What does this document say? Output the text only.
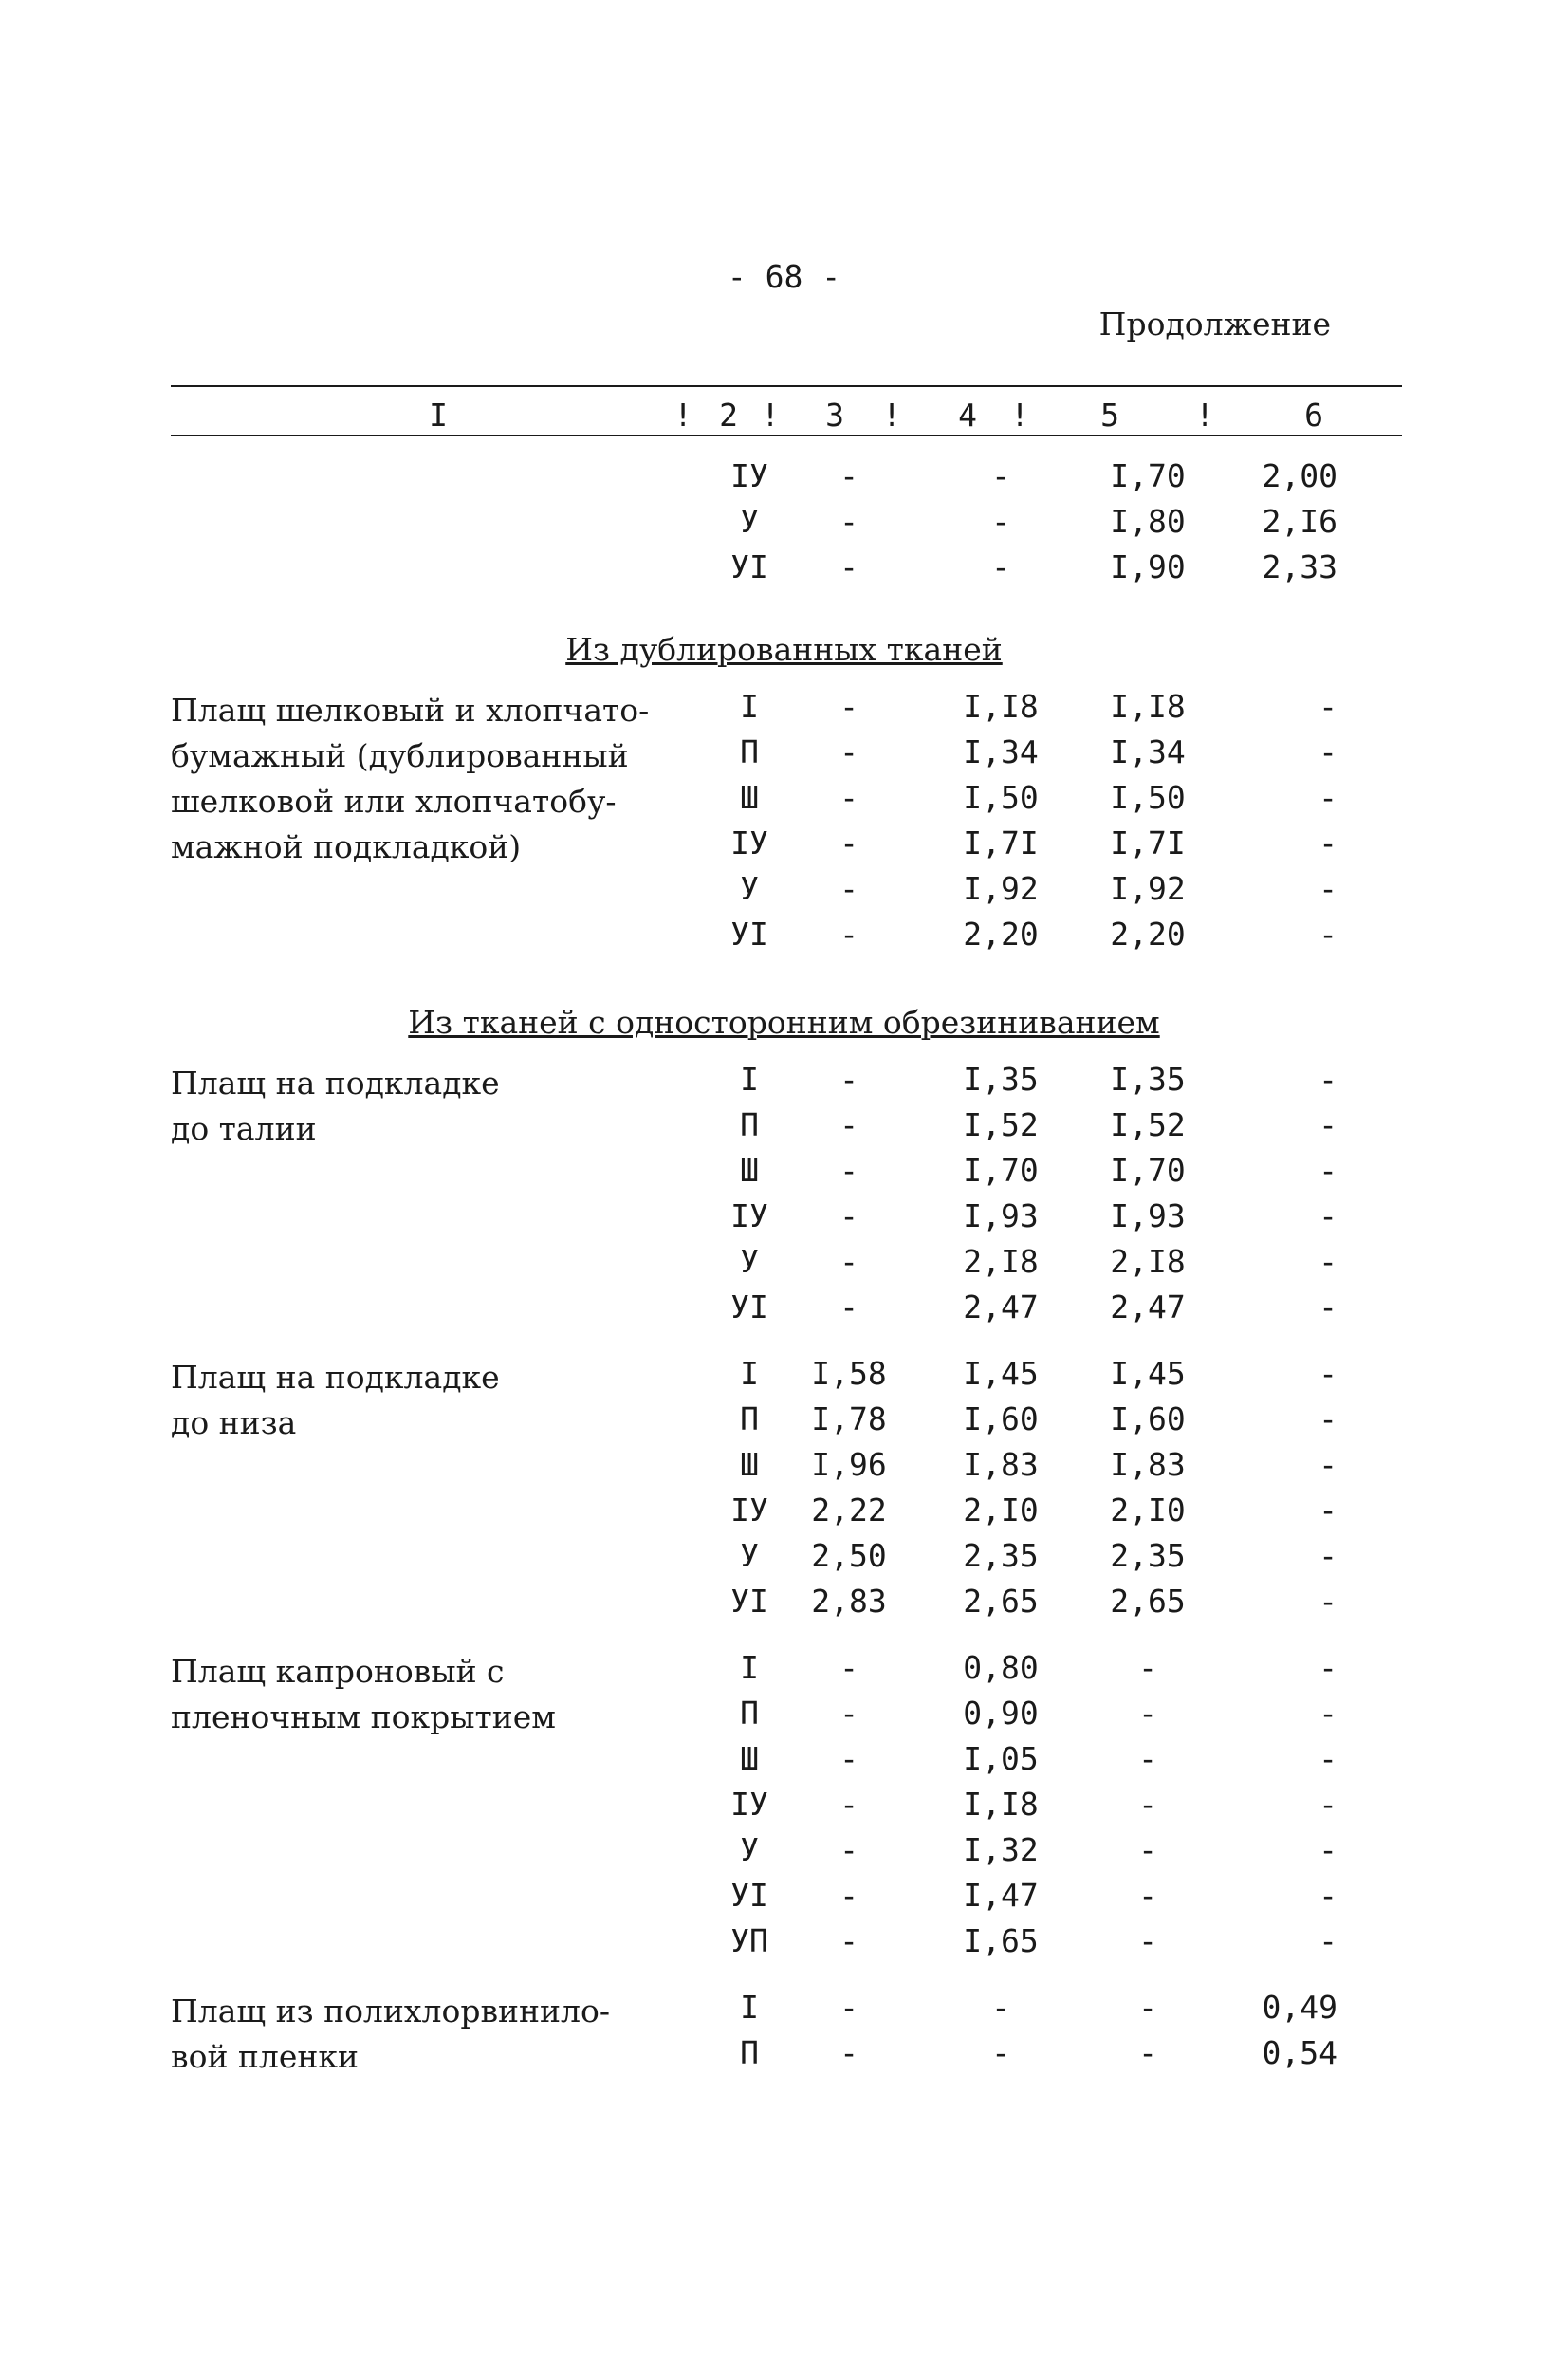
- 68 -
Продолжение
I	! 2 ! 3 ! 4 ! 5 !	6
IУ -	-	I,70 2,00
У	-	-	I,80 2,I6
УI -	-	I,90 2,33
Из дублированных тканей
Плащ шелковый и хлопчато-
бумажный (дублированный
шелковой или хлопчатобу-
мажной подкладкой)
I	-	I,I8 I,I8	-
П	-	I,34 I,34	-
Ш	-	I,50 I,50	-
IУ -	I,7I I,7I	-
У	-	I,92 I,92	-
УI -	2,20 2,20	-
Из тканей с односторонним обрезиниванием
Плащ на подкладке
до талии
I	-	I,35 I,35	-
П	-	I,52 I,52	-
Ш	-	I,70 I,70	-
IУ -	I,93 I,93	-
У	-	2,I8 2,I8	-
УI -	2,47 2,47	-
Плащ на подкладке
до низа
I I,58 I,45 I,45	-
П I,78 I,60 I,60	-
Ш I,96 I,83 I,83	-
IУ 2,22 2,I0 2,I0	-
У 2,50 2,35 2,35	-
УI 2,83 2,65 2,65	-
Плащ капроновый с
пленочным покрытием
I	-	0,80	-	-
П	-	0,90	-	-
Ш	-	I,05	-	-
IУ -	I,I8	-	-
У	-	I,32	-	-
УI -	I,47	-	-
УП -	I,65	-	-
Плащ из полихлорвинило-
вой пленки
I	-	-	-	0,49
П	-	-	-	0,54
